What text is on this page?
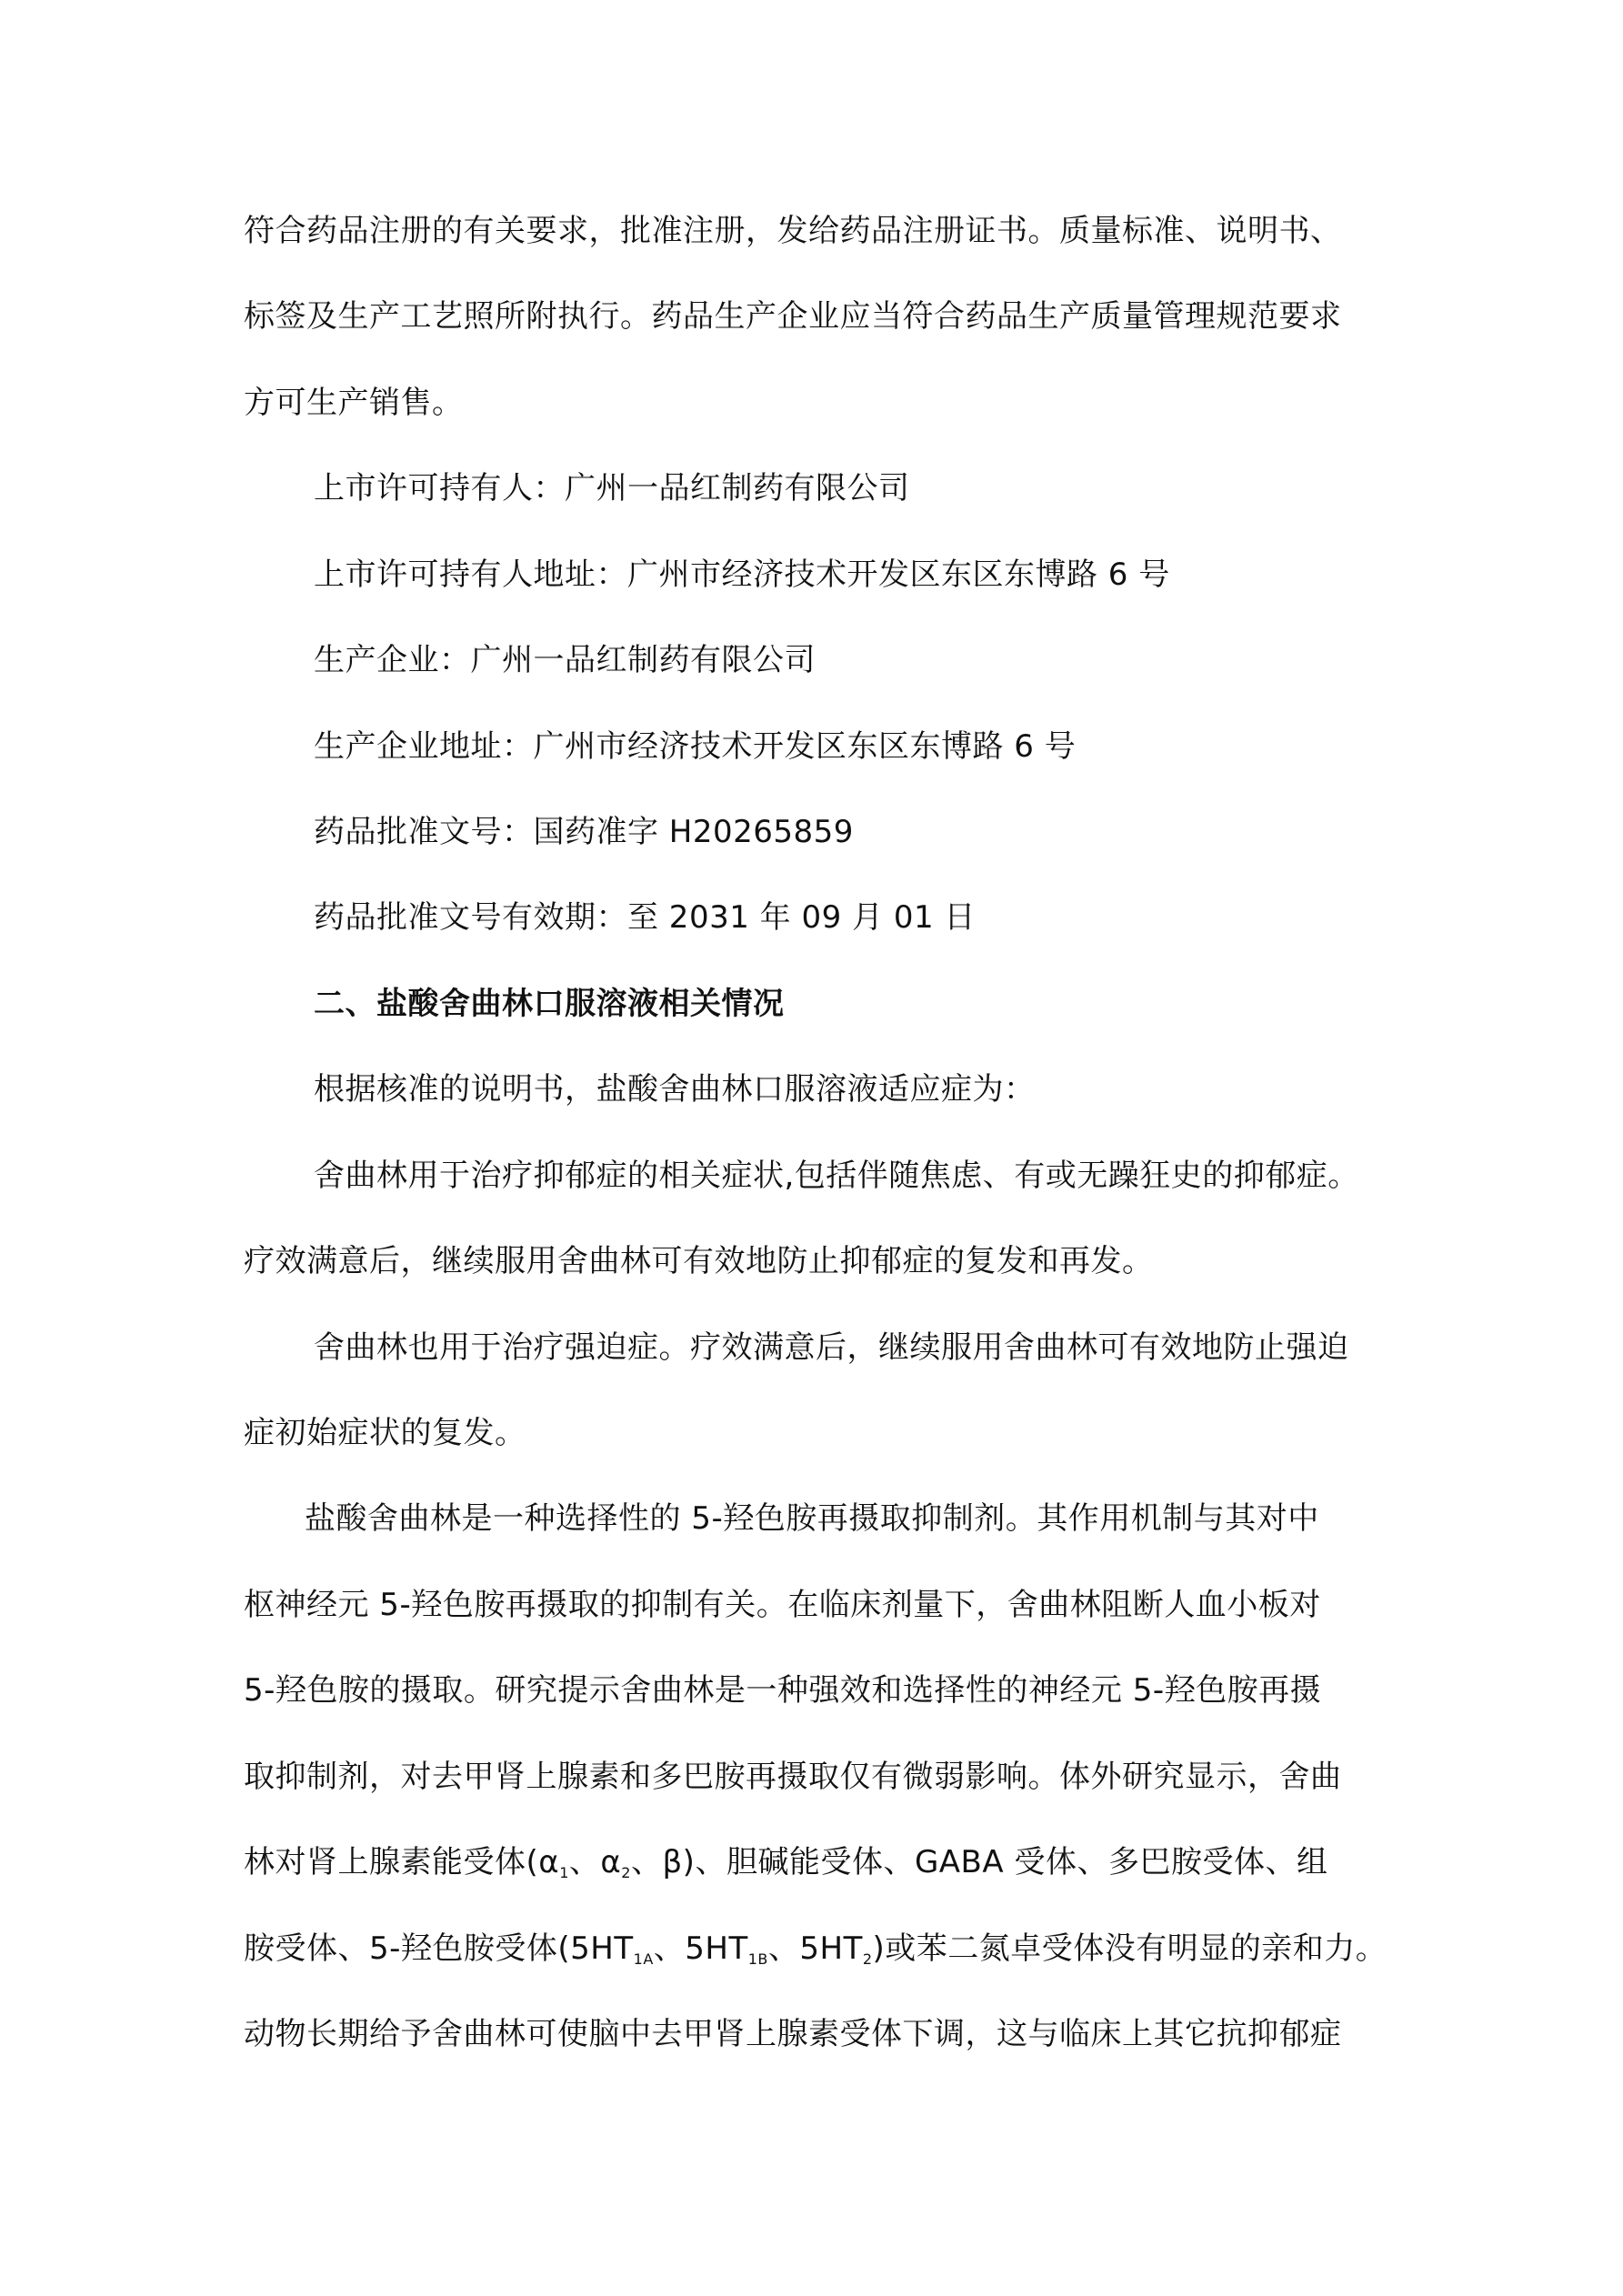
符合药品注册的有关要求，批准注册，发给药品注册证书。质量标准、说明书、
标签及生产工艺照所附执行。药品生产企业应当符合药品生产质量管理规范要求
方可生产销售。
上市许可持有人：广州一品红制药有限公司
上市许可持有人地址：广州市经济技术开发区东区东博路 6 号
生产企业：广州一品红制药有限公司
生产企业地址：广州市经济技术开发区东区东博路 6 号
药品批准文号：国药准字 H20265859
药品批准文号有效期：至 2031 年 09 月 01 日
二、盐酸舍曲林口服溶液相关情况
根据核准的说明书，盐酸舍曲林口服溶液适应症为：
舍曲林用于治疗抑郁症的相关症状,包括伴随焦虑、有或无躁狂史的抑郁症。
疗效满意后，继续服用舍曲林可有效地防止抑郁症的复发和再发。
舍曲林也用于治疗强迫症。疗效满意后，继续服用舍曲林可有效地防止强迫
症初始症状的复发。
盐酸舍曲林是一种选择性的 5-羟色胺再摄取抑制剂。其作用机制与其对中
枢神经元 5-羟色胺再摄取的抑制有关。在临床剂量下，舍曲林阻断人血小板对
5-羟色胺的摄取。研究提示舍曲林是一种强效和选择性的神经元 5-羟色胺再摄
取抑制剂，对去甲肾上腺素和多巴胺再摄取仅有微弱影响。体外研究显示，舍曲
林对肾上腺素能受体($\alpha_1$、$\alpha_2$、β)、胆碱能受体、GABA 受体、多巴胺受体、组
胺受体、5-羟色胺受体($5HT_{1A}$、$5HT_{1B}$、$5HT_2$)或苯二氮卓受体没有明显的亲和力。
动物长期给予舍曲林可使脑中去甲肾上腺素受体下调，这与临床上其它抗抑郁症
